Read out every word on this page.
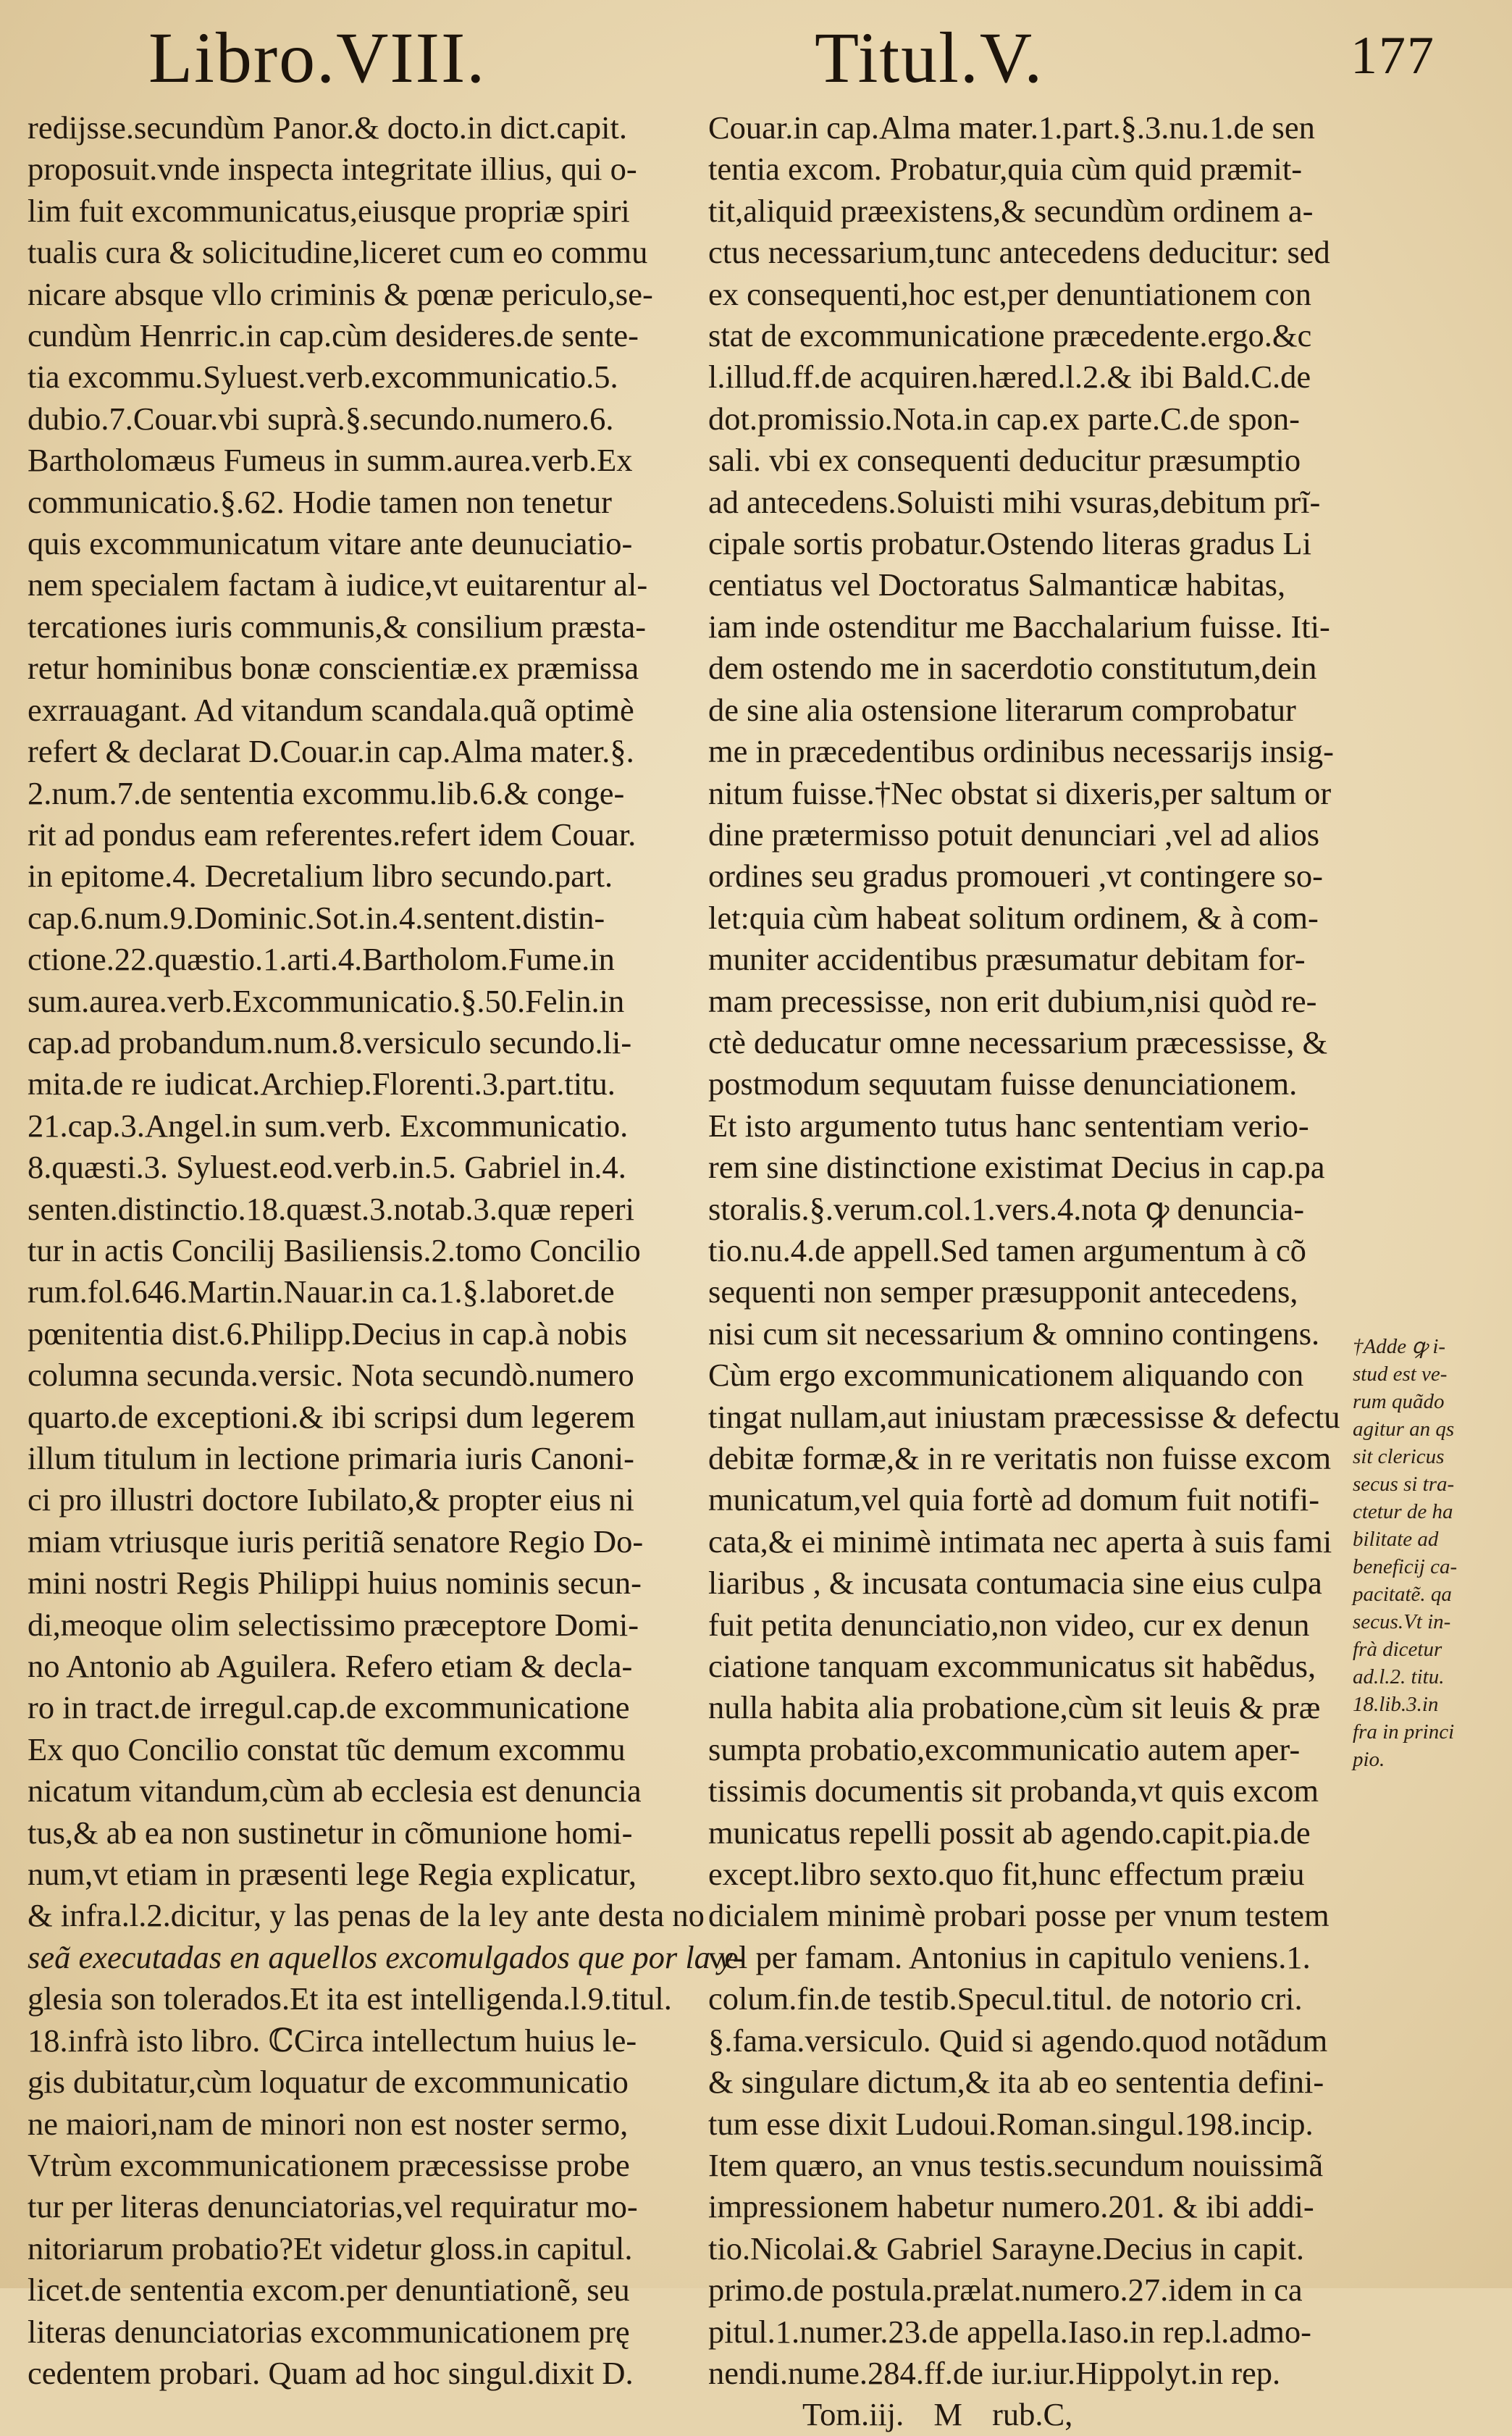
Libro.VIII.	Titul.V.	177
redijsse.secundùm Panor.& docto.in dict.capit.
proposuit.vnde inspecta integritate illius, qui o-
lim fuit excommunicatus,eiusque propriæ spiri
tualis cura & solicitudine,liceret cum eo commu
nicare absque vllo criminis & pœnæ periculo,se-
cundùm Henrric.in cap.cùm desideres.de sente-
tia excommu.Syluest.verb.excommunicatio.5.
dubio.7.Couar.vbi suprà.§.secundo.numero.6.
Bartholomæus Fumeus in summ.aurea.verb.Ex
communicatio.§.62. Hodie tamen non tenetur
quis excommunicatum vitare ante deunuciatio-
nem specialem factam à iudice,vt euitarentur al-
tercationes iuris communis,& consilium præsta-
retur hominibus bonæ conscientiæ.ex præmissa
exrrauagant. Ad vitandum scandala.quã optimè
refert & declarat D.Couar.in cap.Alma mater.§.
2.num.7.de sententia excommu.lib.6.& conge-
rit ad pondus eam referentes.refert idem Couar.
in epitome.4. Decretalium libro secundo.part.
cap.6.num.9.Dominic.Sot.in.4.sentent.distin-
ctione.22.quæstio.1.arti.4.Bartholom.Fume.in
sum.aurea.verb.Excommunicatio.§.50.Felin.in
cap.ad probandum.num.8.versiculo secundo.li-
mita.de re iudicat.Archiep.Florenti.3.part.titu.
21.cap.3.Angel.in sum.verb. Excommunicatio.
8.quæsti.3. Syluest.eod.verb.in.5. Gabriel in.4.
senten.distinctio.18.quæst.3.notab.3.quæ reperi
tur in actis Concilij Basiliensis.2.tomo Concilio
rum.fol.646.Martin.Nauar.in ca.1.§.laboret.de
pœnitentia dist.6.Philipp.Decius in cap.à nobis
columna secunda.versic. Nota secundò.numero
quarto.de exceptioni.& ibi scripsi dum legerem
illum titulum in lectione primaria iuris Canoni-
ci pro illustri doctore Iubilato,& propter eius ni
miam vtriusque iuris peritiã senatore Regio Do-
mini nostri Regis Philippi huius nominis secun-
di,meoque olim selectissimo præceptore Domi-
no Antonio ab Aguilera. Refero etiam & decla-
ro in tract.de irregul.cap.de excommunicatione
Ex quo Concilio constat tũc demum excommu
nicatum vitandum,cùm ab ecclesia est denuncia
tus,& ab ea non sustinetur in cõmunione homi-
num,vt etiam in præsenti lege Regia explicatur,
& infra.l.2.dicitur, y las penas de la ley ante desta no
seã executadas en aquellos excomulgados que por la y-
glesia son tolerados.Et ita est intelligenda.l.9.titul.
18.infrà isto libro. ℂCirca intellectum huius le-
gis dubitatur,cùm loquatur de excommunicatio
ne maiori,nam de minori non est noster sermo,
Vtrùm excommunicationem præcessisse probe
tur per literas denunciatorias,vel requiratur mo-
nitoriarum probatio?Et videtur gloss.in capitul.
licet.de sententia excom.per denuntiationẽ, seu
literas denunciatorias excommunicationem prę
cedentem probari. Quam ad hoc singul.dixit D.
Couar.in cap.Alma mater.1.part.§.3.nu.1.de sen
tentia excom. Probatur,quia cùm quid præmit-
tit,aliquid præexistens,& secundùm ordinem a-
ctus necessarium,tunc antecedens deducitur: sed
ex consequenti,hoc est,per denuntiationem con
stat de excommunicatione præcedente.ergo.&c
l.illud.ff.de acquiren.hæred.l.2.& ibi Bald.C.de
dot.promissio.Nota.in cap.ex parte.C.de spon-
sali. vbi ex consequenti deducitur præsumptio
ad antecedens.Soluisti mihi vsuras,debitum prĩ-
cipale sortis probatur.Ostendo literas gradus Li
centiatus vel Doctoratus Salmanticæ habitas,
iam inde ostenditur me Bacchalarium fuisse. Iti-
dem ostendo me in sacerdotio constitutum,dein
de sine alia ostensione literarum comprobatur
me in præcedentibus ordinibus necessarijs insig-
nitum fuisse.†Nec obstat si dixeris,per saltum or
dine prætermisso potuit denunciari ,vel ad alios
ordines seu gradus promoueri ,vt contingere so-
let:quia cùm habeat solitum ordinem, & à com-
muniter accidentibus præsumatur debitam for-
mam precessisse, non erit dubium,nisi quòd re-
ctè deducatur omne necessarium præcessisse, &
postmodum sequutam fuisse denunciationem.
Et isto argumento tutus hanc sententiam verio-
rem sine distinctione existimat Decius in cap.pa
storalis.§.verum.col.1.vers.4.nota ꝙ denuncia-
tio.nu.4.de appell.Sed tamen argumentum à cõ
sequenti non semper præsupponit antecedens,
nisi cum sit necessarium & omnino contingens.
Cùm ergo excommunicationem aliquando con
tingat nullam,aut iniustam præcessisse & defectu
debitæ formæ,& in re veritatis non fuisse excom
municatum,vel quia fortè ad domum fuit notifi-
cata,& ei minimè intimata nec aperta à suis fami
liaribus , & incusata contumacia sine eius culpa
fuit petita denunciatio,non video, cur ex denun
ciatione tanquam excommunicatus sit habẽdus,
nulla habita alia probatione,cùm sit leuis & præ
sumpta probatio,excommunicatio autem aper-
tissimis documentis sit probanda,vt quis excom
municatus repelli possit ab agendo.capit.pia.de
except.libro sexto.quo fit,hunc effectum præiu
dicialem minimè probari posse per vnum testem
vel per famam. Antonius in capitulo veniens.1.
colum.fin.de testib.Specul.titul. de notorio cri.
§.fama.versiculo. Quid si agendo.quod notãdum
& singulare dictum,& ita ab eo sententia defini-
tum esse dixit Ludoui.Roman.singul.198.incip.
Item quæro, an vnus testis.secundum nouissimã
impressionem habetur numero.201. & ibi addi-
tio.Nicolai.& Gabriel Sarayne.Decius in capit.
primo.de postula.prælat.numero.27.idem in ca
pitul.1.numer.23.de appella.Iaso.in rep.l.admo-
nendi.nume.284.ff.de iur.iur.Hippolyt.in rep.
Tom.iij. M rub.C,
†Adde ꝙ i-
stud est ve-
rum quãdo
agitur an qs
sit clericus
secus si tra-
ctetur de ha
bilitate ad
beneficij ca-
pacitatẽ. qa
secus.Vt in-
frà dicetur
ad.l.2. titu.
18.lib.3.in
fra in princi
pio.
